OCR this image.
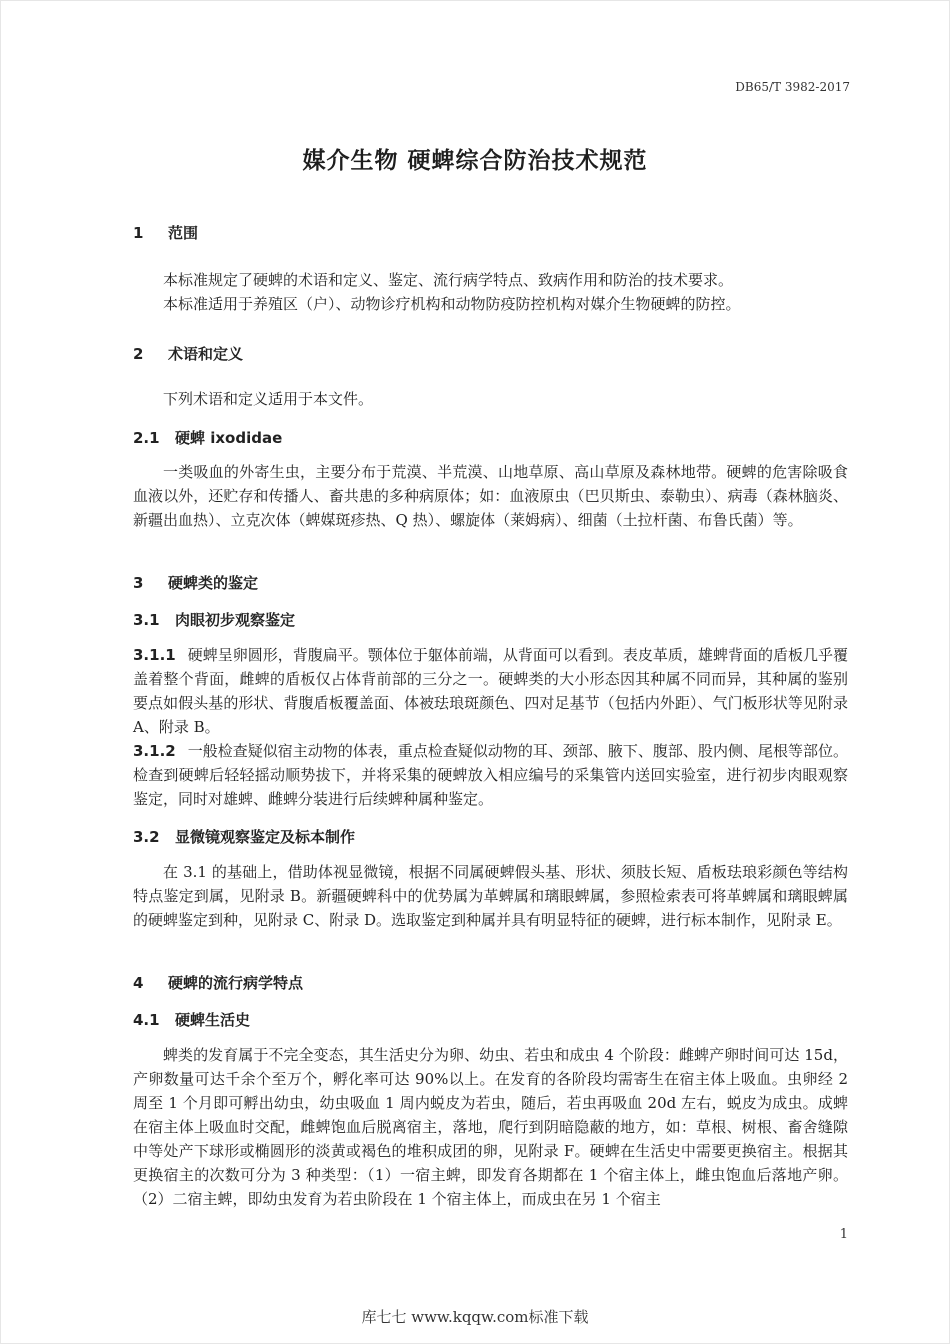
DB65/T 3982-2017
媒介生物 硬蜱综合防治技术规范
1 范围
本标准规定了硬蜱的术语和定义、鉴定、流行病学特点、致病作用和防治的技术要求。
本标准适用于养殖区（户）、动物诊疗机构和动物防疫防控机构对媒介生物硬蜱的防控。
2 术语和定义
下列术语和定义适用于本文件。
2.1 硬蜱 ixodidae
一类吸血的外寄生虫，主要分布于荒漠、半荒漠、山地草原、高山草原及森林地带。硬蜱的危害除吸食血液以外，还贮存和传播人、畜共患的多种病原体；如：血液原虫（巴贝斯虫、泰勒虫）、病毒（森林脑炎、新疆出血热）、立克次体（蜱媒斑疹热、Q 热）、螺旋体（莱姆病）、细菌（土拉杆菌、布鲁氏菌）等。
3 硬蜱类的鉴定
3.1 肉眼初步观察鉴定
3.1.1 硬蜱呈卵圆形，背腹扁平。颚体位于躯体前端，从背面可以看到。表皮革质，雄蜱背面的盾板几乎覆盖着整个背面，雌蜱的盾板仅占体背前部的三分之一。硬蜱类的大小形态因其种属不同而异，其种属的鉴别要点如假头基的形状、背腹盾板覆盖面、体被珐琅斑颜色、四对足基节（包括内外距）、气门板形状等见附录 A、附录 B。
3.1.2 一般检查疑似宿主动物的体表，重点检查疑似动物的耳、颈部、腋下、腹部、股内侧、尾根等部位。检查到硬蜱后轻轻摇动顺势拔下，并将采集的硬蜱放入相应编号的采集管内送回实验室，进行初步肉眼观察鉴定，同时对雄蜱、雌蜱分装进行后续蜱种属种鉴定。
3.2 显微镜观察鉴定及标本制作
在 3.1 的基础上，借助体视显微镜，根据不同属硬蜱假头基、形状、须肢长短、盾板珐琅彩颜色等结构特点鉴定到属，见附录 B。新疆硬蜱科中的优势属为革蜱属和璃眼蜱属，参照检索表可将革蜱属和璃眼蜱属的硬蜱鉴定到种，见附录 C、附录 D。选取鉴定到种属并具有明显特征的硬蜱，进行标本制作，见附录 E。
4 硬蜱的流行病学特点
4.1 硬蜱生活史
蜱类的发育属于不完全变态，其生活史分为卵、幼虫、若虫和成虫 4 个阶段：雌蜱产卵时间可达 15d，产卵数量可达千余个至万个，孵化率可达 90%以上。在发育的各阶段均需寄生在宿主体上吸血。虫卵经 2 周至 1 个月即可孵出幼虫，幼虫吸血 1 周内蜕皮为若虫，随后，若虫再吸血 20d 左右，蜕皮为成虫。成蜱在宿主体上吸血时交配，雌蜱饱血后脱离宿主，落地，爬行到阴暗隐蔽的地方，如：草根、树根、畜舍缝隙中等处产下球形或椭圆形的淡黄或褐色的堆积成团的卵，见附录 F。硬蜱在生活史中需要更换宿主。根据其更换宿主的次数可分为 3 种类型：（1）一宿主蜱，即发育各期都在 1 个宿主体上，雌虫饱血后落地产卵。（2）二宿主蜱，即幼虫发育为若虫阶段在 1 个宿主体上，而成虫在另 1 个宿主
1
库七七 www.kqqw.com标准下载
